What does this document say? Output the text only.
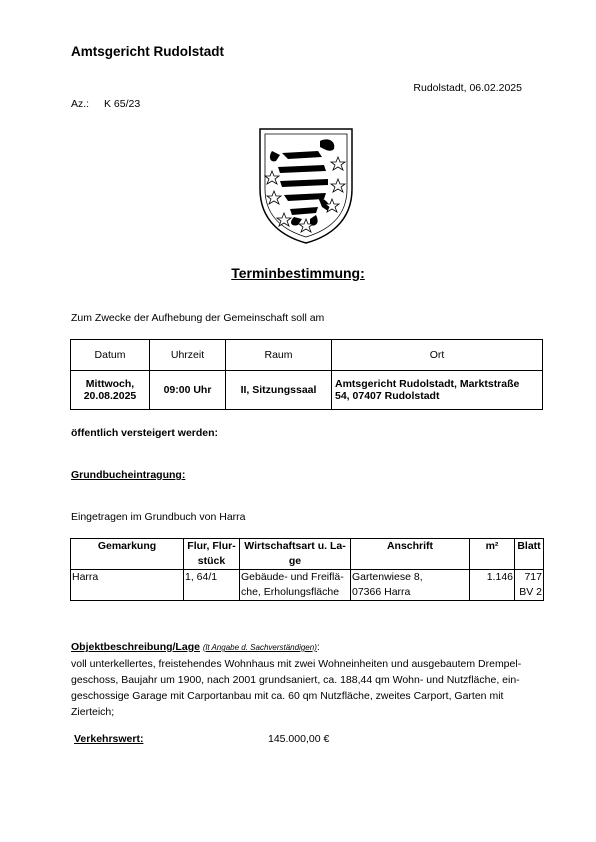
Amtsgericht Rudolstadt
Rudolstadt, 06.02.2025
Az.: K 65/23
Terminbestimmung:
Zum Zwecke der Aufhebung der Gemeinschaft soll am
Datum	Uhrzeit	Raum	Ort
Mittwoch,
20.08.2025	09:00 Uhr	II, Sitzungssaal	Amtsgericht Rudolstadt, Marktstraße
54, 07407 Rudolstadt
öffentlich versteigert werden:
Grundbucheintragung:
Eingetragen im Grundbuch von Harra
Gemarkung	Flur, Flur-
stück	Wirtschaftsart u. La-
ge	Anschrift	m²	Blatt
Harra	1, 64/1	Gebäude- und Freiflä-
che, Erholungsfläche	Gartenwiese 8,
07366 Harra	1.146	717
BV 2
Objektbeschreibung/Lage (lt Angabe d. Sachverständigen):
voll unterkellertes, freistehendes Wohnhaus mit zwei Wohneinheiten und ausgebautem Drempel-
geschoss, Baujahr um 1900, nach 2001 grundsaniert, ca. 188,44 qm Wohn- und Nutzfläche, ein-
geschossige Garage mit Carportanbau mit ca. 60 qm Nutzfläche, zweites Carport, Garten mit
Zierteich;
Verkehrswert:	145.000,00 €
